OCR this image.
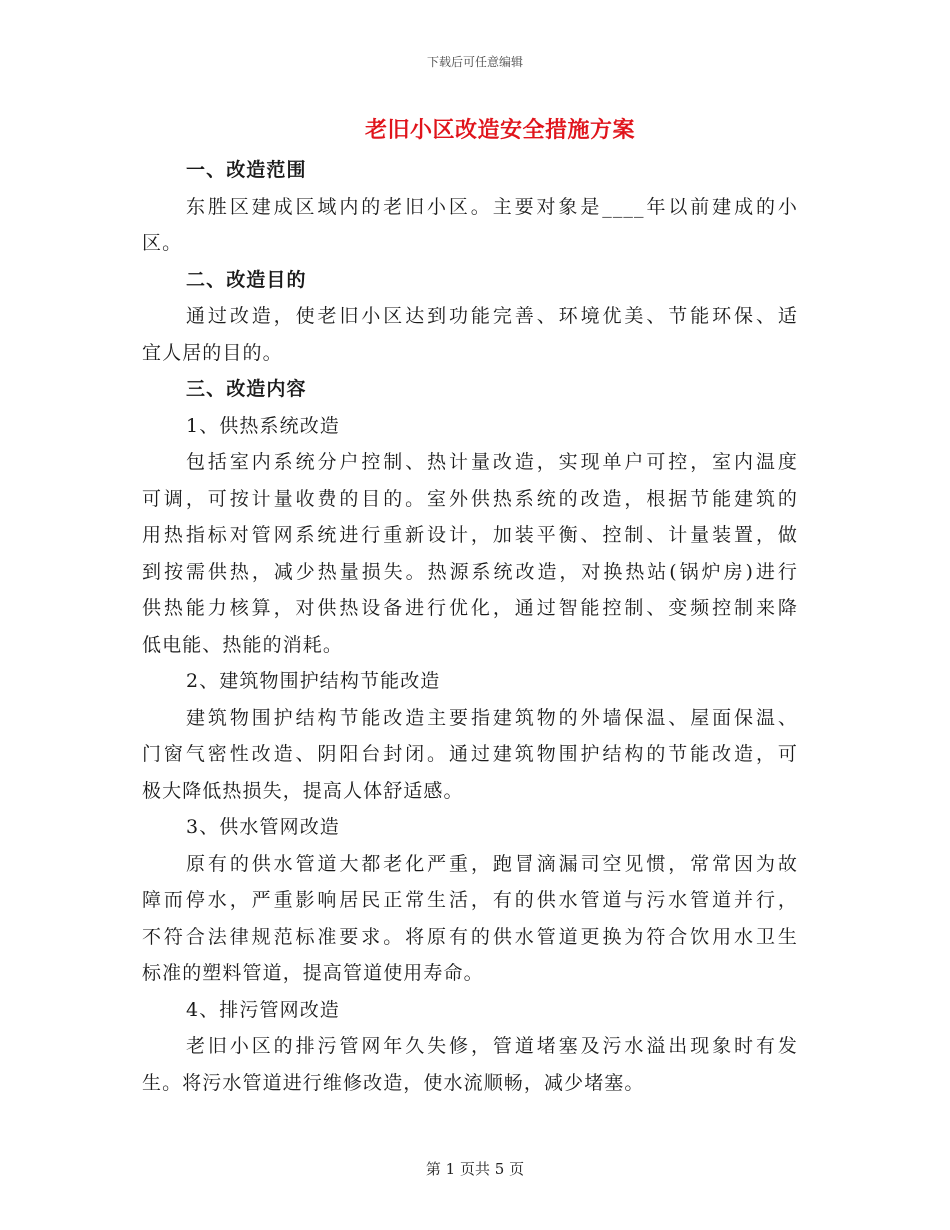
下载后可任意编辑
老旧小区改造安全措施方案
一、改造范围
东胜区建成区域内的老旧小区。主要对象是____年以前建成的小
区。
二、改造目的
通过改造，使老旧小区达到功能完善、环境优美、节能环保、适
宜人居的目的。
三、改造内容
1、供热系统改造
包括室内系统分户控制、热计量改造，实现单户可控，室内温度
可调，可按计量收费的目的。室外供热系统的改造，根据节能建筑的
用热指标对管网系统进行重新设计，加装平衡、控制、计量装置，做
到按需供热，减少热量损失。热源系统改造，对换热站(锅炉房)进行
供热能力核算，对供热设备进行优化，通过智能控制、变频控制来降
低电能、热能的消耗。
2、建筑物围护结构节能改造
建筑物围护结构节能改造主要指建筑物的外墙保温、屋面保温、
门窗气密性改造、阴阳台封闭。通过建筑物围护结构的节能改造，可
极大降低热损失，提高人体舒适感。
3、供水管网改造
原有的供水管道大都老化严重，跑冒滴漏司空见惯，常常因为故
障而停水，严重影响居民正常生活，有的供水管道与污水管道并行，
不符合法律规范标准要求。将原有的供水管道更换为符合饮用水卫生
标准的塑料管道，提高管道使用寿命。
4、排污管网改造
老旧小区的排污管网年久失修，管道堵塞及污水溢出现象时有发
生。将污水管道进行维修改造，使水流顺畅，减少堵塞。
第 1 页共 5 页
